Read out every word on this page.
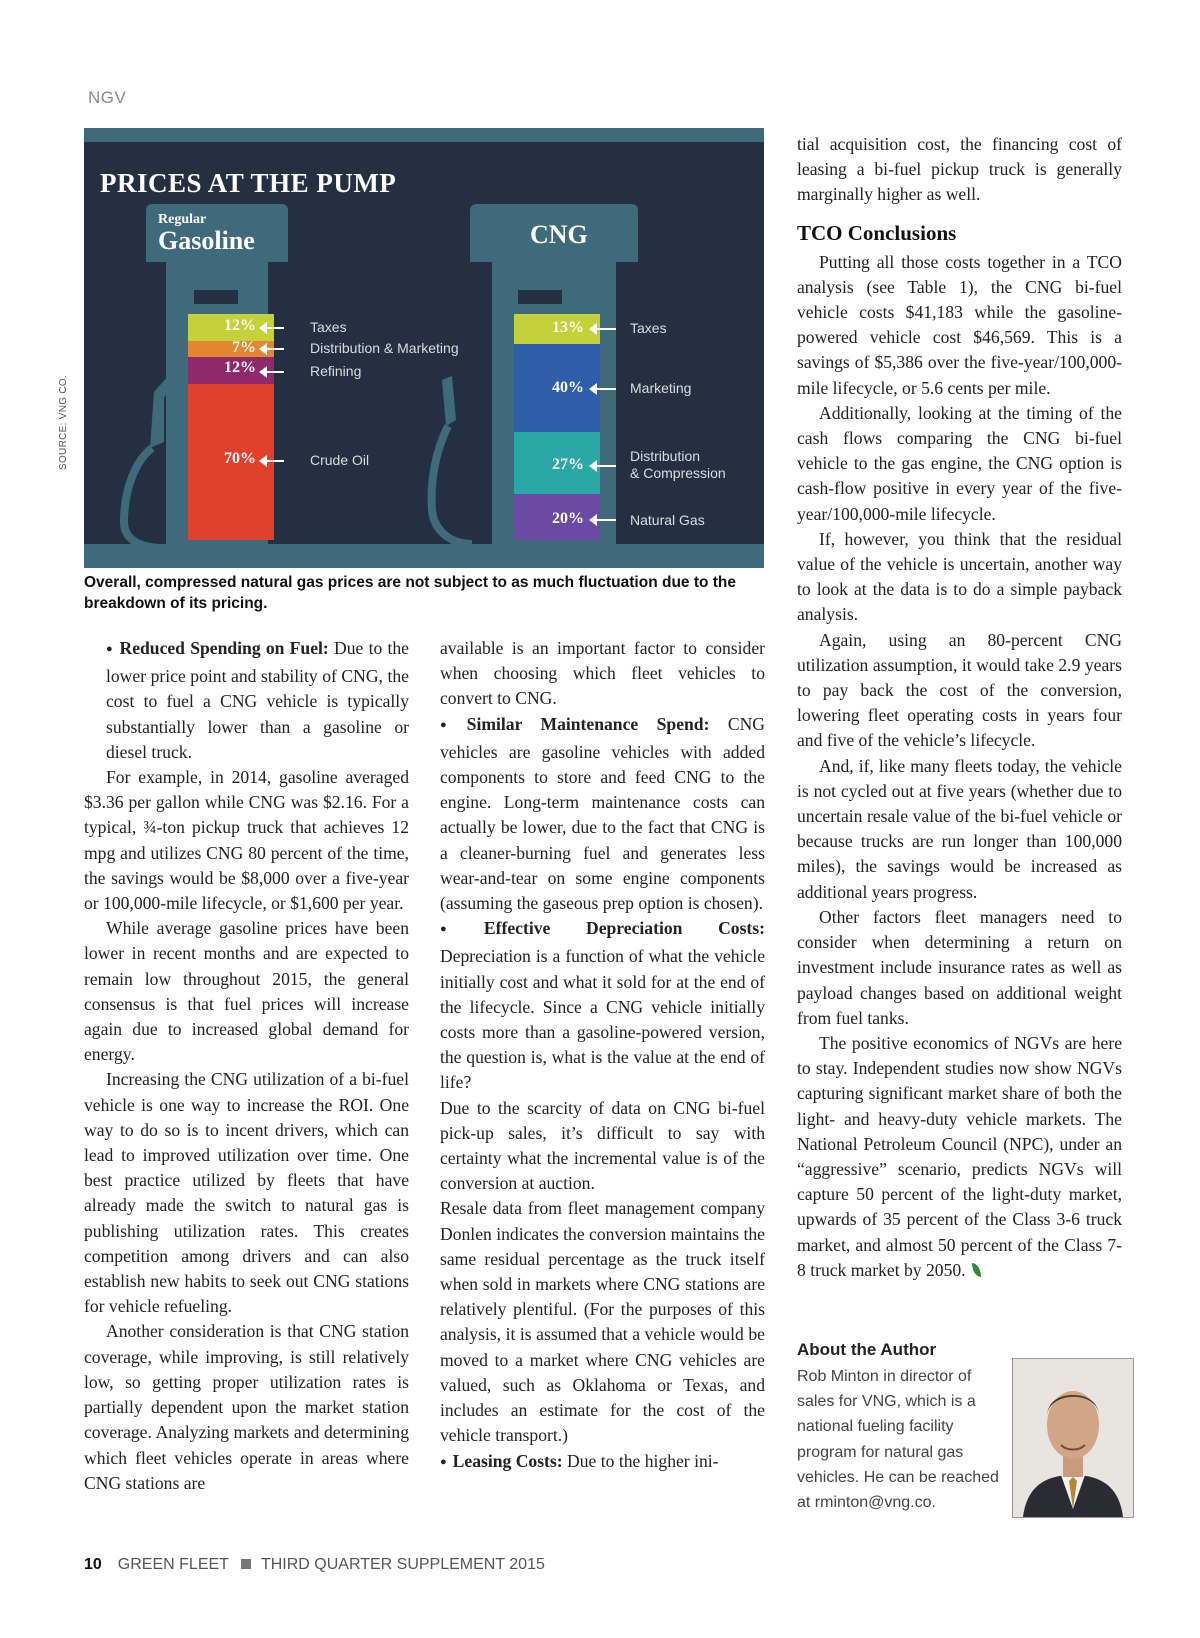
NGV
PRICES AT THE PUMP
Regular
Gasoline
12%
7%
12%
70%
Taxes
Distribution & Marketing
Refining
Crude Oil
CNG
13%
40%
27%
20%
Taxes
Marketing
Distribution
& Compression
Natural Gas
SOURCE: VNG CO.
Overall, compressed natural gas prices are not subject to as much fluctuation due to the breakdown of its pricing.

● Reduced Spending on Fuel: Due to the lower price point and stability of CNG, the cost to fuel a CNG vehicle is typically substantially lower than a gasoline or diesel truck.

For example, in 2014, gasoline averaged $3.36 per gallon while CNG was $2.16. For a typical, ¾-ton pickup truck that achieves 12 mpg and utilizes CNG 80 percent of the time, the savings would be $8,000 over a five-year or 100,000-mile lifecycle, or $1,600 per year.

While average gasoline prices have been lower in recent months and are expected to remain low throughout 2015, the general consensus is that fuel prices will increase again due to increased global demand for energy.

Increasing the CNG utilization of a bi-fuel vehicle is one way to increase the ROI. One way to do so is to incent drivers, which can lead to improved utilization over time. One best practice utilized by fleets that have already made the switch to natural gas is publishing utilization rates. This creates competition among drivers and can also establish new habits to seek out CNG stations for vehicle refueling.

Another consideration is that CNG station coverage, while improving, is still relatively low, so getting proper utilization rates is partially dependent upon the market station coverage. Analyzing markets and determining which fleet vehicles operate in areas where CNG stations are

available is an important factor to consider when choosing which fleet vehicles to convert to CNG.

● Similar Maintenance Spend: CNG vehicles are gasoline vehicles with added components to store and feed CNG to the engine. Long-term maintenance costs can actually be lower, due to the fact that CNG is a cleaner-burning fuel and generates less wear-and-tear on some engine components (assuming the gaseous prep option is chosen).

● Effective Depreciation Costs: Depreciation is a function of what the vehicle initially cost and what it sold for at the end of the lifecycle. Since a CNG vehicle initially costs more than a gasoline-powered version, the question is, what is the value at the end of life?

Due to the scarcity of data on CNG bi-fuel pick-up sales, it’s difficult to say with certainty what the incremental value is of the conversion at auction.

Resale data from fleet management company Donlen indicates the conversion maintains the same residual percentage as the truck itself when sold in markets where CNG stations are relatively plentiful. (For the purposes of this analysis, it is assumed that a vehicle would be moved to a market where CNG vehicles are valued, such as Oklahoma or Texas, and includes an estimate for the cost of the vehicle transport.)

● Leasing Costs: Due to the higher ini-

tial acquisition cost, the financing cost of leasing a bi-fuel pickup truck is generally marginally higher as well.

TCO Conclusions

Putting all those costs together in a TCO analysis (see Table 1), the CNG bi-fuel vehicle costs $41,183 while the gasoline-powered vehicle cost $46,569. This is a savings of $5,386 over the five-year/100,000-mile lifecycle, or 5.6 cents per mile.

Additionally, looking at the timing of the cash flows comparing the CNG bi-fuel vehicle to the gas engine, the CNG option is cash-flow positive in every year of the five-year/100,000-mile lifecycle.

If, however, you think that the residual value of the vehicle is uncertain, another way to look at the data is to do a simple payback analysis.

Again, using an 80-percent CNG utilization assumption, it would take 2.9 years to pay back the cost of the conversion, lowering fleet operating costs in years four and five of the vehicle’s lifecycle.

And, if, like many fleets today, the vehicle is not cycled out at five years (whether due to uncertain resale value of the bi-fuel vehicle or because trucks are run longer than 100,000 miles), the savings would be increased as additional years progress.

Other factors fleet managers need to consider when determining a return on investment include insurance rates as well as payload changes based on additional weight from fuel tanks.

The positive economics of NGVs are here to stay. Independent studies now show NGVs capturing significant market share of both the light- and heavy-duty vehicle markets. The National Petroleum Council (NPC), under an “aggressive” scenario, predicts NGVs will capture 50 percent of the light-duty market, upwards of 35 percent of the Class 3-6 truck market, and almost 50 percent of the Class 7-8 truck market by 2050.

About the Author
Rob Minton in director of sales for VNG, which is a national fueling facility program for natural gas vehicles. He can be reached at rminton@vng.co.
10 GREEN FLEET THIRD QUARTER SUPPLEMENT 2015
